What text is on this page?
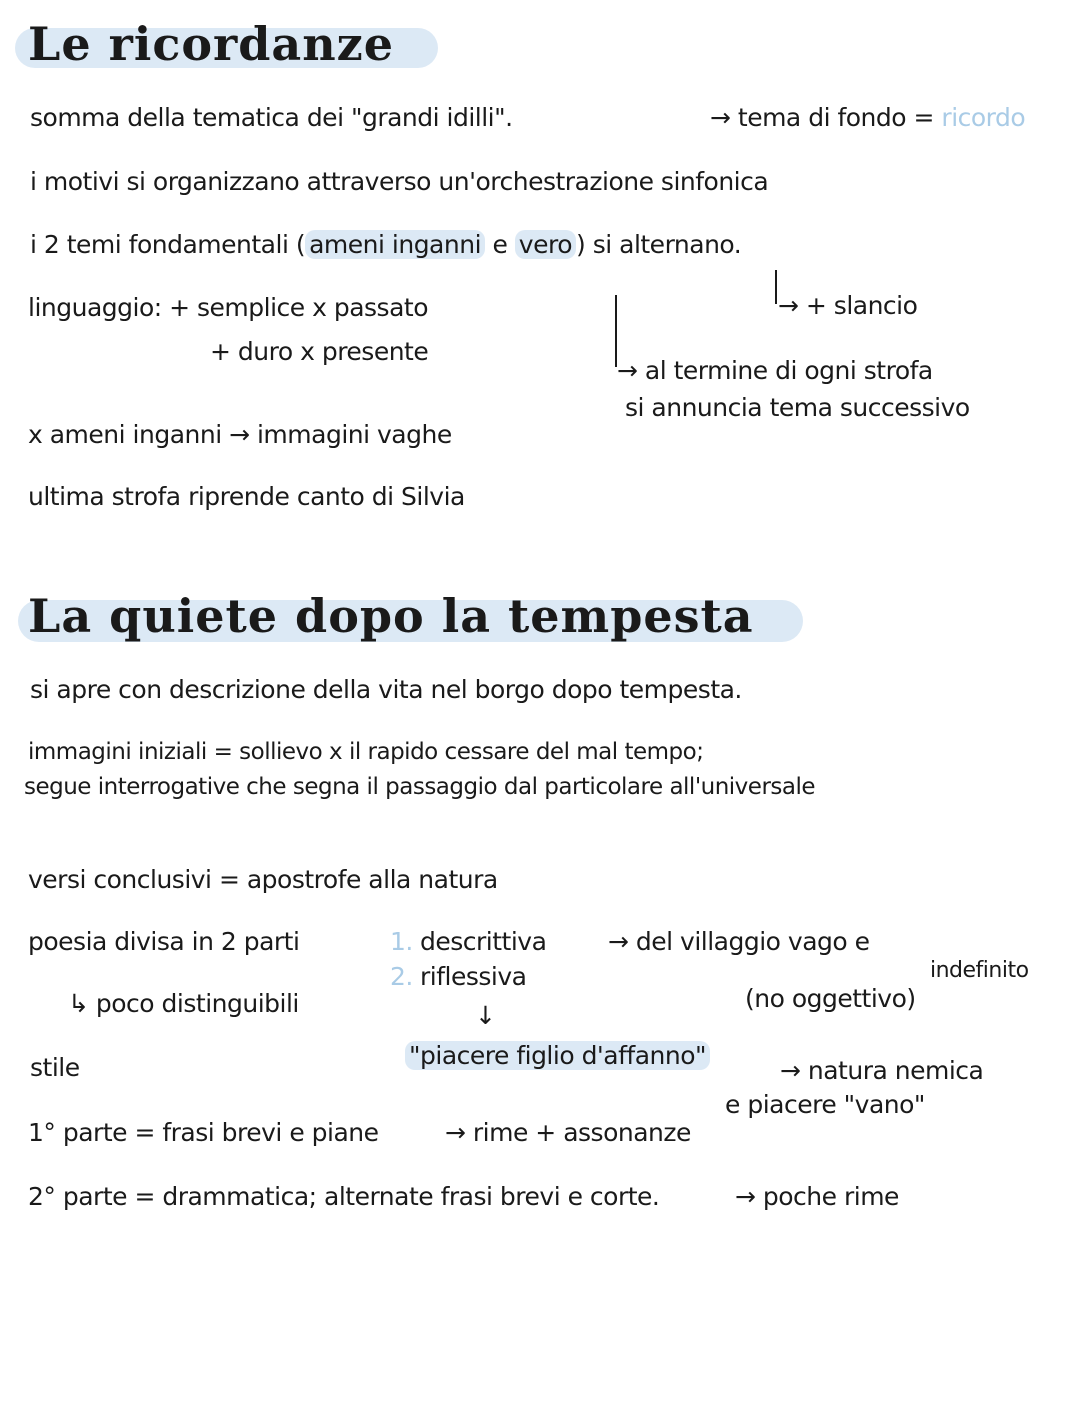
Le ricordanze
somma della tematica dei "grandi idilli".	→ tema di fondo = ricordo
i motivi si organizzano attraverso un'orchestrazione sinfonica
i 2 temi fondamentali ( ameni inganni e vero ) si alternano.
→ + slancio
linguaggio: + semplice x passato
+ duro x presente
→ al termine di ogni strofa
si annuncia tema successivo
x ameni inganni → immagini vaghe
ultima strofa riprende canto di Silvia
La quiete dopo la tempesta
si apre con descrizione della vita nel borgo dopo tempesta.
immagini iniziali = sollievo x il rapido cessare del mal tempo;
segue interrogative che segna il passaggio dal particolare all'universale
versi conclusivi = apostrofe alla natura
poesia divisa in 2 parti	1. descrittiva
2. riflessiva
→ del villaggio vago e
indefinito
(no oggettivo)
↳ poco distinguibili	↓
"piacere figlio d'affanno"
stile	→ natura nemica
e piacere "vano"
1° parte = frasi brevi e piane	→ rime + assonanze
2° parte = drammatica; alternate frasi brevi e corte.	→ poche rime
